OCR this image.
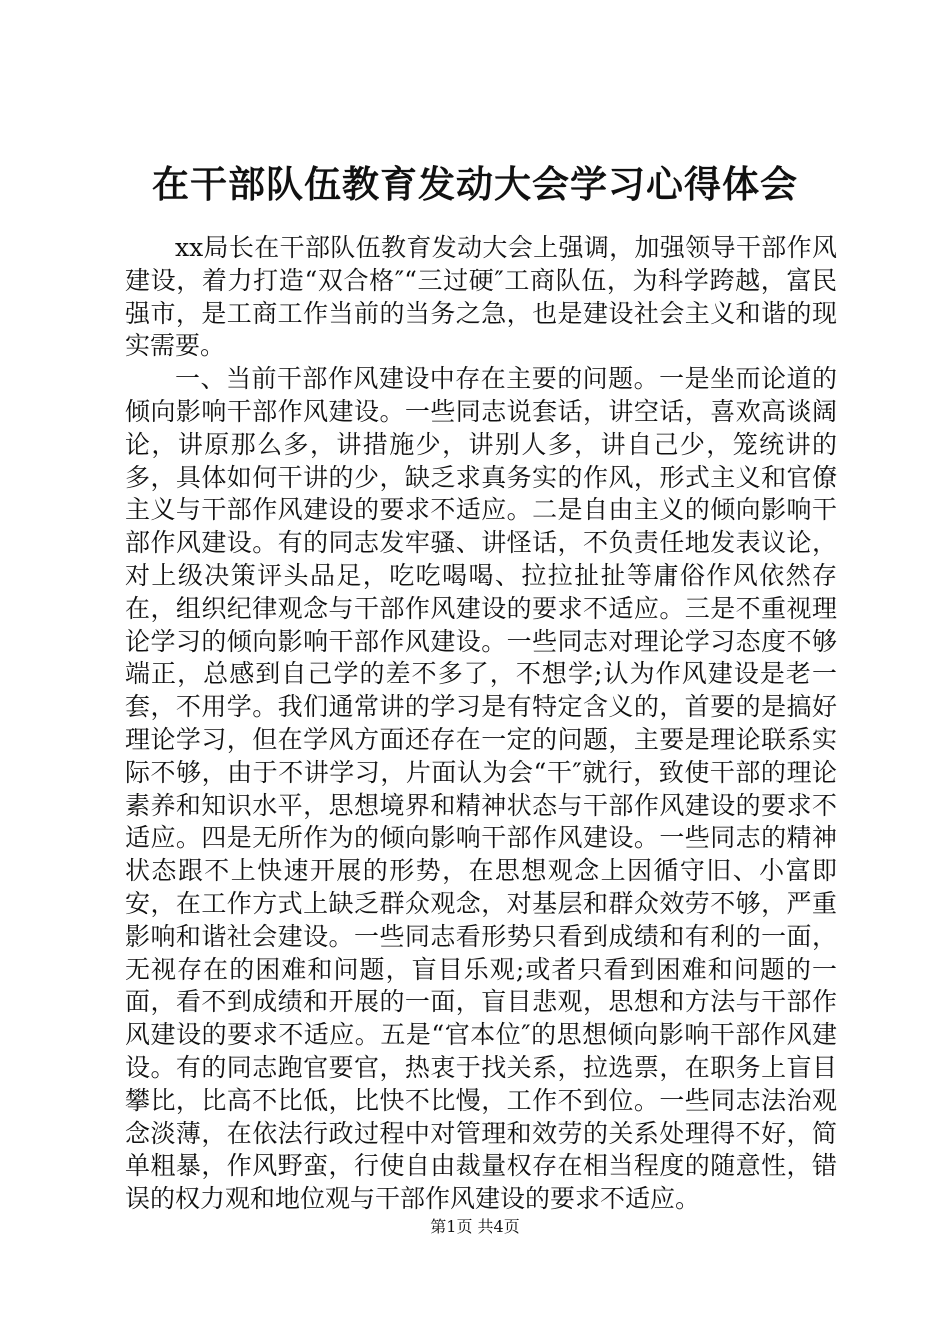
在干部队伍教育发动大会学习心得体会

xx局长在干部队伍教育发动大会上强调，加强领导干部作风建设，着力打造“双合格″“三过硬″工商队伍，为科学跨越，富民强市，是工商工作当前的当务之急，也是建设社会主义和谐的现实需要。

一、当前干部作风建设中存在主要的问题。一是坐而论道的倾向影响干部作风建设。一些同志说套话，讲空话，喜欢高谈阔论，讲原那么多，讲措施少，讲别人多，讲自己少，笼统讲的多，具体如何干讲的少，缺乏求真务实的作风，形式主义和官僚主义与干部作风建设的要求不适应。二是自由主义的倾向影响干部作风建设。有的同志发牢骚、讲怪话，不负责任地发表议论，对上级决策评头品足，吃吃喝喝、拉拉扯扯等庸俗作风依然存在，组织纪律观念与干部作风建设的要求不适应。三是不重视理论学习的倾向影响干部作风建设。一些同志对理论学习态度不够端正，总感到自己学的差不多了，不想学;认为作风建设是老一套，不用学。我们通常讲的学习是有特定含义的，首要的是搞好理论学习，但在学风方面还存在一定的问题，主要是理论联系实际不够，由于不讲学习，片面认为会“干″就行，致使干部的理论素养和知识水平，思想境界和精神状态与干部作风建设的要求不适应。四是无所作为的倾向影响干部作风建设。一些同志的精神状态跟不上快速开展的形势，在思想观念上因循守旧、小富即安，在工作方式上缺乏群众观念，对基层和群众效劳不够，严重影响和谐社会建设。一些同志看形势只看到成绩和有利的一面，无视存在的困难和问题，盲目乐观;或者只看到困难和问题的一面，看不到成绩和开展的一面，盲目悲观，思想和方法与干部作风建设的要求不适应。五是“官本位″的思想倾向影响干部作风建设。有的同志跑官要官，热衷于找关系，拉选票，在职务上盲目攀比，比高不比低，比快不比慢，工作不到位。一些同志法治观念淡薄，在依法行政过程中对管理和效劳的关系处理得不好，简单粗暴，作风野蛮，行使自由裁量权存在相当程度的随意性，错误的权力观和地位观与干部作风建设的要求不适应。

第1页 共4页
